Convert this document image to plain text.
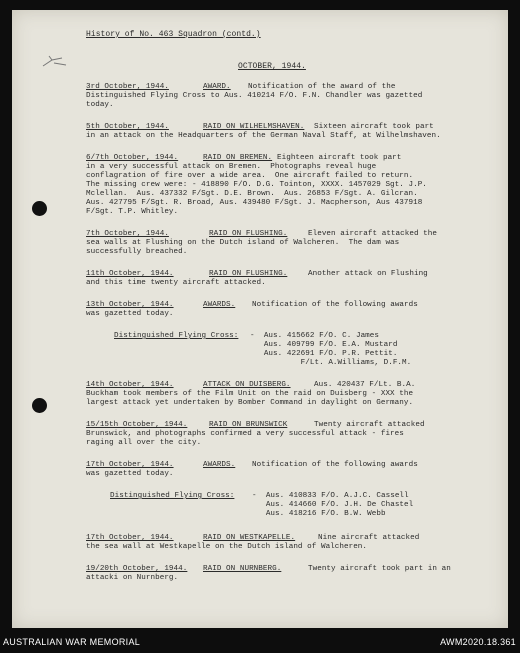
History of No. 463 Squadron (contd.)

OCTOBER, 1944.

3rd October, 1944.	AWARD. Notification of the award of the

Distinguished Flying Cross to Aus. 410214 F/O. F.N. Chandler was gazetted

today.

5th October, 1944.	RAID ON WILHELMSHAVEN. Sixteen aircraft took part

in an attack on the Headquarters of the German Naval Staff, at Wilhelmshaven.

6/7th October, 1944.	RAID ON BREMEN. Eighteen aircraft took part

in a very successful attack on Bremen.  Photographs reveal huge

conflagration of fire over a wide area.  One aircraft failed to return.

The missing crew were: - 418890 F/O. D.G. Tointon, XXXX. 1457029 Sgt. J.P.

Mclellan.  Aus. 437332 F/Sgt. D.E. Brown.  Aus. 26853 F/Sgt. A. Gilcran.

Aus. 427795 F/Sgt. R. Broad, Aus. 439480 F/Sgt. J. Macpherson, Aus 437918

F/Sgt. T.P. Whitley.

7th October, 1944.	RAID ON FLUSHING.	Eleven aircraft attacked the

sea walls at Flushing on the Dutch island of Walcheren.  The dam was

successfully breached.

11th October, 1944.	RAID ON FLUSHING.	Another attack on Flushing

and this time twenty aircraft attacked.

13th October, 1944.	AWARDS. Notification of the following awards

was gazetted today.

Distinguished Flying Cross: -  Aus. 415662 F/O. C. James

Aus. 409799 F/O. E.A. Mustard

Aus. 422691 F/O. P.R. Pettit.

F/Lt. A.Williams, D.F.M.

14th October, 1944.	ATTACK ON DUISBERG.	Aus. 420437 F/Lt. B.A.

Buckham took members of the Film Unit on the raid on Duisberg - XXX the

largest attack yet undertaken by Bomber Command in daylight on Germany.

15/15th October, 1944.	RAID ON BRUNSWICK	Twenty aircraft attacked

Brunswick, and photographs confirmed a very successful attack - fires

raging all over the city.

17th October, 1944.	AWARDS. Notification of the following awards

was gazetted today.

Distinguished Flying Cross: -  Aus. 410833 F/O. A.J.C. Cassell

Aus. 414660 F/O. J.H. De Chastel

Aus. 418216 F/O. B.W. Webb

17th October, 1944.	RAID ON WESTKAPELLE.	Nine aircraft attacked

the sea wall at Westkapelle on the Dutch island of Walcheren.

19/20th October, 1944. RAID ON NURNBERG.	Twenty aircraft took part in an

attacki on Nurnberg.

AUSTRALIAN WAR MEMORIAL	AWM2020.18.361
